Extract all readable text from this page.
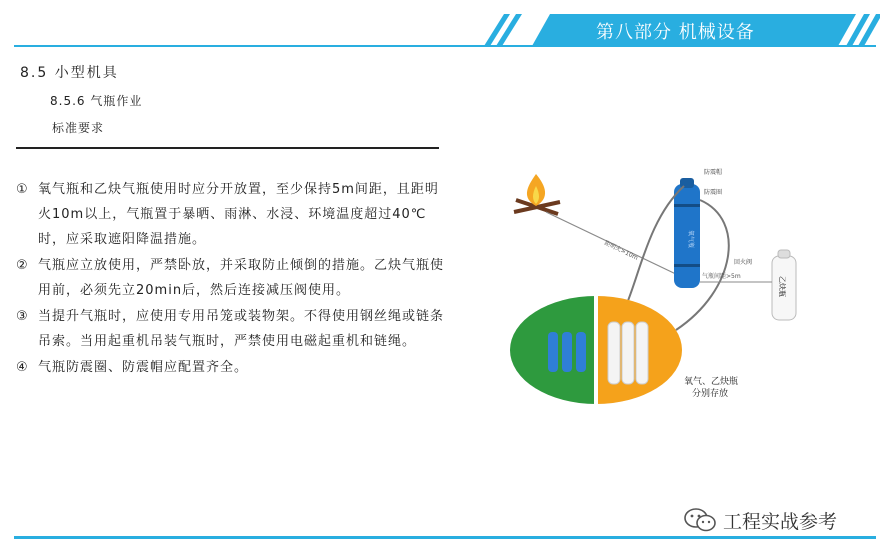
第八部分 机械设备
8.5 小型机具
8.5.6 气瓶作业
标准要求
① 氧气瓶和乙炔气瓶使用时应分开放置，至少保持5m间距，且距明火10m以上，气瓶置于暴晒、雨淋、水浸、环境温度超过40℃时，应采取遮阳降温措施。
② 气瓶应立放使用，严禁卧放，并采取防止倾倒的措施。乙炔气瓶使用前，必须先立20min后，然后连接减压阀使用。
③ 当提升气瓶时，应使用专用吊笼或装物架。不得使用钢丝绳或链条吊索。当用起重机吊装气瓶时，严禁使用电磁起重机和链绳。
④ 气瓶防震圈、防震帽应配置齐全。
距明火>10m
氧气瓶
防震帽
防震圈
乙炔瓶
回火阀
气瓶间距>5m
氧气、乙炔瓶
分别存放
工程实战参考
